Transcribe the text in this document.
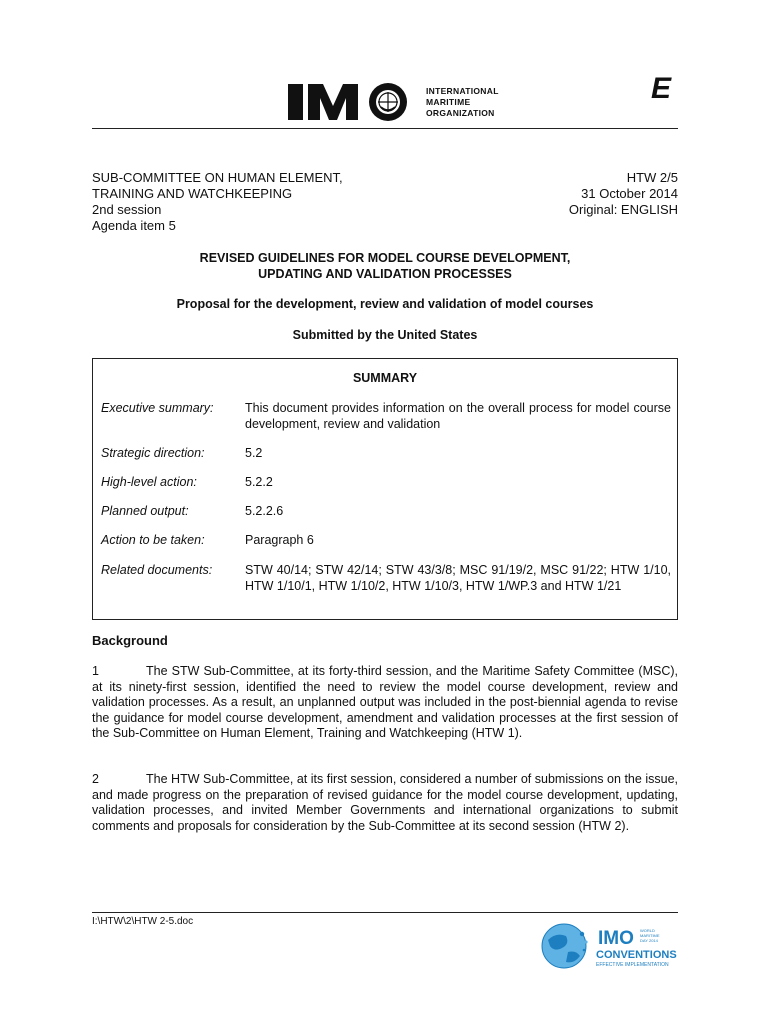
E
INTERNATIONAL
MARITIME
ORGANIZATION
SUB-COMMITTEE ON HUMAN ELEMENT,
TRAINING AND WATCHKEEPING
2nd session
Agenda item 5
HTW 2/5
31 October 2014
Original: ENGLISH
REVISED GUIDELINES FOR MODEL COURSE DEVELOPMENT,
UPDATING AND VALIDATION PROCESSES
Proposal for the development, review and validation of model courses
Submitted by the United States
SUMMARY
Executive summary:	This document provides information on the overall process for model course development, review and validation
Strategic direction:	5.2
High-level action:	5.2.2
Planned output:	5.2.2.6
Action to be taken:	Paragraph 6
Related documents:	STW 40/14; STW 42/14; STW 43/3/8; MSC 91/19/2, MSC 91/22; HTW 1/10, HTW 1/10/1, HTW 1/10/2, HTW 1/10/3, HTW 1/WP.3 and HTW 1/21
Background
1	The STW Sub-Committee, at its forty-third session, and the Maritime Safety Committee (MSC), at its ninety-first session, identified the need to review the model course development, review and validation processes. As a result, an unplanned output was included in the post-biennial agenda to revise the guidance for model course development, amendment and validation processes at the first session of the Sub-Committee on Human Element, Training and Watchkeeping (HTW 1).
2	The HTW Sub-Committee, at its first session, considered a number of submissions on the issue, and made progress on the preparation of revised guidance for the model course development, updating, validation processes, and invited Member Governments and international organizations to submit comments and proposals for consideration by the Sub-Committee at its second session (HTW 2).
I:\HTW\2\HTW 2-5.doc
IMO WORLD
MARITIME
DAY 2014
CONVENTIONS
EFFECTIVE IMPLEMENTATION
